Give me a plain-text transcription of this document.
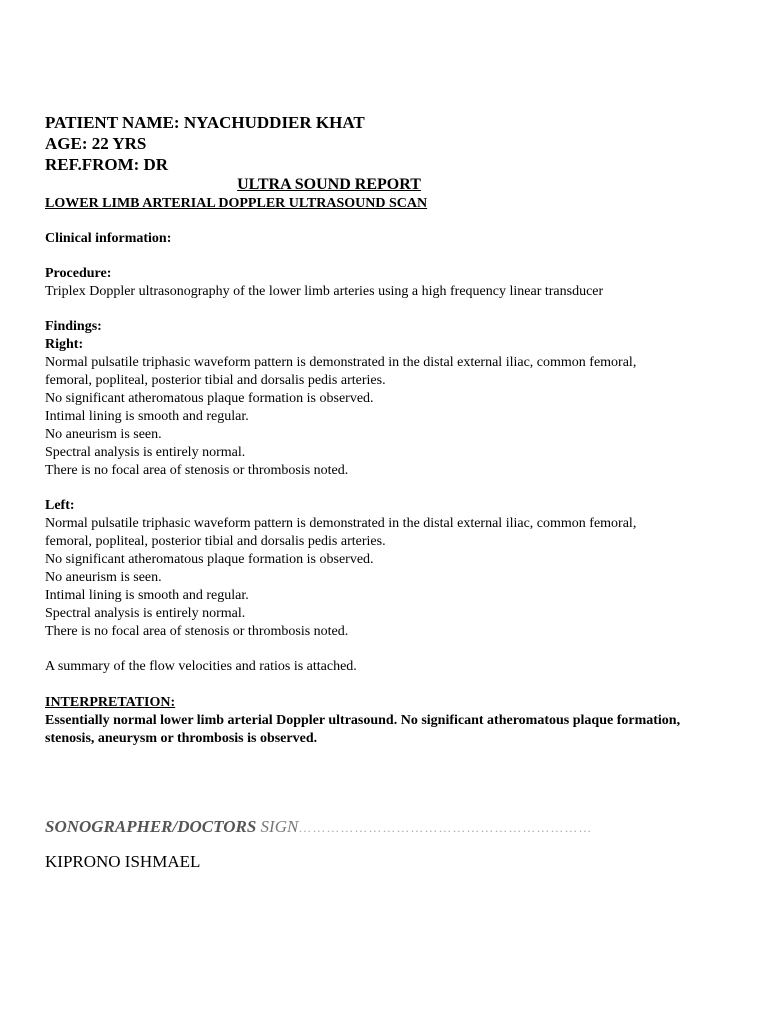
PATIENT NAME: NYACHUDDIER KHAT
AGE: 22 YRS
REF.FROM: DR
ULTRA SOUND REPORT
LOWER LIMB ARTERIAL DOPPLER ULTRASOUND SCAN
Clinical information:
Procedure:
Triplex Doppler ultrasonography of the lower limb arteries using a high frequency linear transducer
Findings:
Right:
Normal pulsatile triphasic waveform pattern is demonstrated in the distal external iliac, common femoral,
femoral, popliteal, posterior tibial and dorsalis pedis arteries.
No significant atheromatous plaque formation is observed.
Intimal lining is smooth and regular.
No aneurism is seen.
Spectral analysis is entirely normal.
There is no focal area of stenosis or thrombosis noted.
Left:
Normal pulsatile triphasic waveform pattern is demonstrated in the distal external iliac, common femoral,
femoral, popliteal, posterior tibial and dorsalis pedis arteries.
No significant atheromatous plaque formation is observed.
No aneurism is seen.
Intimal lining is smooth and regular.
Spectral analysis is entirely normal.
There is no focal area of stenosis or thrombosis noted.
A summary of the flow velocities and ratios is attached.
INTERPRETATION:
Essentially normal lower limb arterial Doppler ultrasound. No significant atheromatous plaque formation, stenosis, aneurysm or thrombosis is observed.
SONOGRAPHER/DOCTORS SIGN………………………………………………………
KIPRONO ISHMAEL
